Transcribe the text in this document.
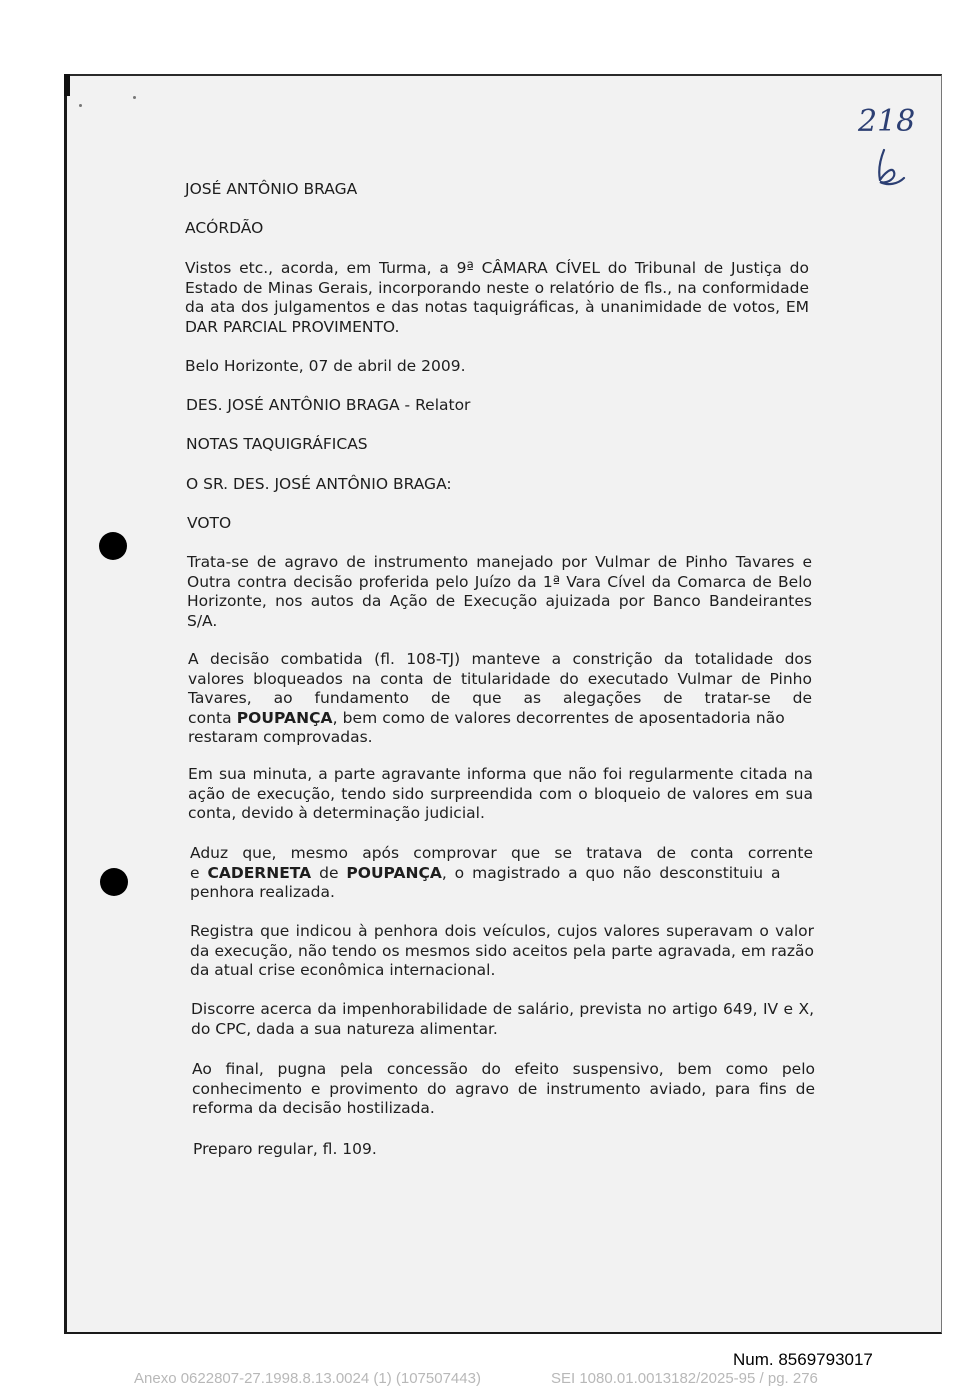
218
JOSÉ ANTÔNIO BRAGA
ACÓRDÃO
Vistos etc., acorda, em Turma, a 9ª CÂMARA CÍVEL do Tribunal de Justiça do
Estado de Minas Gerais, incorporando neste o relatório de fls., na conformidade
da ata dos julgamentos e das notas taquigráficas, à unanimidade de votos, EM
DAR PARCIAL PROVIMENTO.
Belo Horizonte, 07 de abril de 2009.
DES. JOSÉ ANTÔNIO BRAGA - Relator
NOTAS TAQUIGRÁFICAS
O SR. DES. JOSÉ ANTÔNIO BRAGA:
VOTO
Trata-se de agravo de instrumento manejado por Vulmar de Pinho Tavares e
Outra contra decisão proferida pelo Juízo da 1ª Vara Cível da Comarca de Belo
Horizonte, nos autos da Ação de Execução ajuizada por Banco Bandeirantes
S/A.
A decisão combatida (fl. 108-TJ) manteve a constrição da totalidade dos
valores bloqueados na conta de titularidade do executado Vulmar de Pinho
Tavares, ao fundamento de que as alegações de tratar-se de
conta POUPANÇA, bem como de valores decorrentes de aposentadoria não
restaram comprovadas.
Em sua minuta, a parte agravante informa que não foi regularmente citada na
ação de execução, tendo sido surpreendida com o bloqueio de valores em sua
conta, devido à determinação judicial.
Aduz que, mesmo após comprovar que se tratava de conta corrente
e CADERNETA de POUPANÇA, o magistrado a quo não desconstituiu a
penhora realizada.
Registra que indicou à penhora dois veículos, cujos valores superavam o valor
da execução, não tendo os mesmos sido aceitos pela parte agravada, em razão
da atual crise econômica internacional.
Discorre acerca da impenhorabilidade de salário, prevista no artigo 649, IV e X,
do CPC, dada a sua natureza alimentar.
Ao final, pugna pela concessão do efeito suspensivo, bem como pelo
conhecimento e provimento do agravo de instrumento aviado, para fins de
reforma da decisão hostilizada.
Preparo regular, fl. 109.
Num. 8569793017
Anexo 0622807-27.1998.8.13.0024 (1) (107507443)	SEI 1080.01.0013182/2025-95 / pg. 276
